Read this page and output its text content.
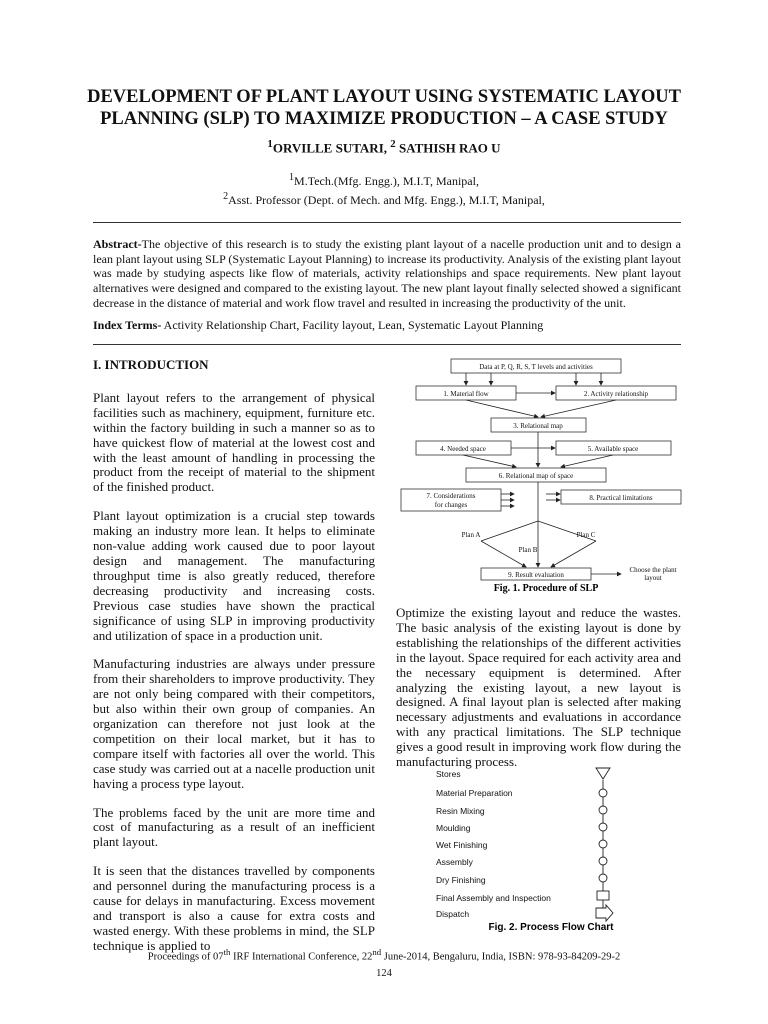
DEVELOPMENT OF PLANT LAYOUT USING SYSTEMATIC LAYOUT PLANNING (SLP) TO MAXIMIZE PRODUCTION – A CASE STUDY
$^1$ORVILLE SUTARI, $^2$ SATHISH RAO U
$^1$M.Tech.(Mfg. Engg.), M.I.T, Manipal,
$^2$Asst. Professor (Dept. of Mech. and Mfg. Engg.), M.I.T, Manipal,
Abstract-The objective of this research is to study the existing plant layout of a nacelle production unit and to design a lean plant layout using SLP (Systematic Layout Planning) to increase its productivity. Analysis of the existing plant layout was made by studying aspects like flow of materials, activity relationships and space requirements. New plant layout alternatives were designed and compared to the existing layout. The new plant layout finally selected showed a significant decrease in the distance of material and work flow travel and resulted in increasing the productivity of the unit.
Index Terms- Activity Relationship Chart, Facility layout, Lean, Systematic Layout Planning
I. INTRODUCTION

Plant layout refers to the arrangement of physical facilities such as machinery, equipment, furniture etc. within the factory building in such a manner so as to have quickest flow of material at the lowest cost and with the least amount of handling in processing the product from the receipt of material to the shipment of the finished product.

Plant layout optimization is a crucial step towards making an industry more lean. It helps to eliminate non-value adding work caused due to poor layout design and management. The manufacturing throughput time is also greatly reduced, therefore decreasing productivity and increasing costs. Previous case studies have shown the practical significance of using SLP in improving productivity and utilization of space in a production unit.

Manufacturing industries are always under pressure from their shareholders to improve productivity. They are not only being compared with their competitors, but also within their own group of companies. An organization can therefore not just look at the competition on their local market, but it has to compare itself with factories all over the world. This case study was carried out at a nacelle production unit having a process type layout.

The problems faced by the unit are more time and cost of manufacturing as a result of an inefficient plant layout.

It is seen that the distances travelled by components and personnel during the manufacturing process is a cause for delays in manufacturing. Excess movement and transport is also a cause for extra costs and wasted energy. With these problems in mind, the SLP technique is applied to

Data at P, Q, R, S, T levels and activities
1. Material flow	2. Activity relationship
3. Relational map
4. Needed space	5. Available space
6. Relational map of space
7. Considerations
for changes
8. Practical limitations
Plan A
Plan B
Plan C
9. Result evaluation
Choose the plant
layout
Fig. 1. Procedure of SLP
Optimize the existing layout and reduce the wastes. The basic analysis of the existing layout is done by establishing the relationships of the different activities in the layout. Space required for each activity area and the necessary equipment is determined. After analyzing the existing layout, a new layout is designed. A final layout plan is selected after making necessary adjustments and evaluations in accordance with any practical limitations. The SLP technique gives a good result in improving work flow during the manufacturing process.
Stores
Material Preparation
Resin Mixing
Moulding
Wet Finishing
Assembly
Dry Finishing
Final Assembly and Inspection
Dispatch
Fig. 2. Process Flow Chart
Proceedings of 07th IRF International Conference, 22nd June-2014, Bengaluru, India, ISBN: 978-93-84209-29-2
124
